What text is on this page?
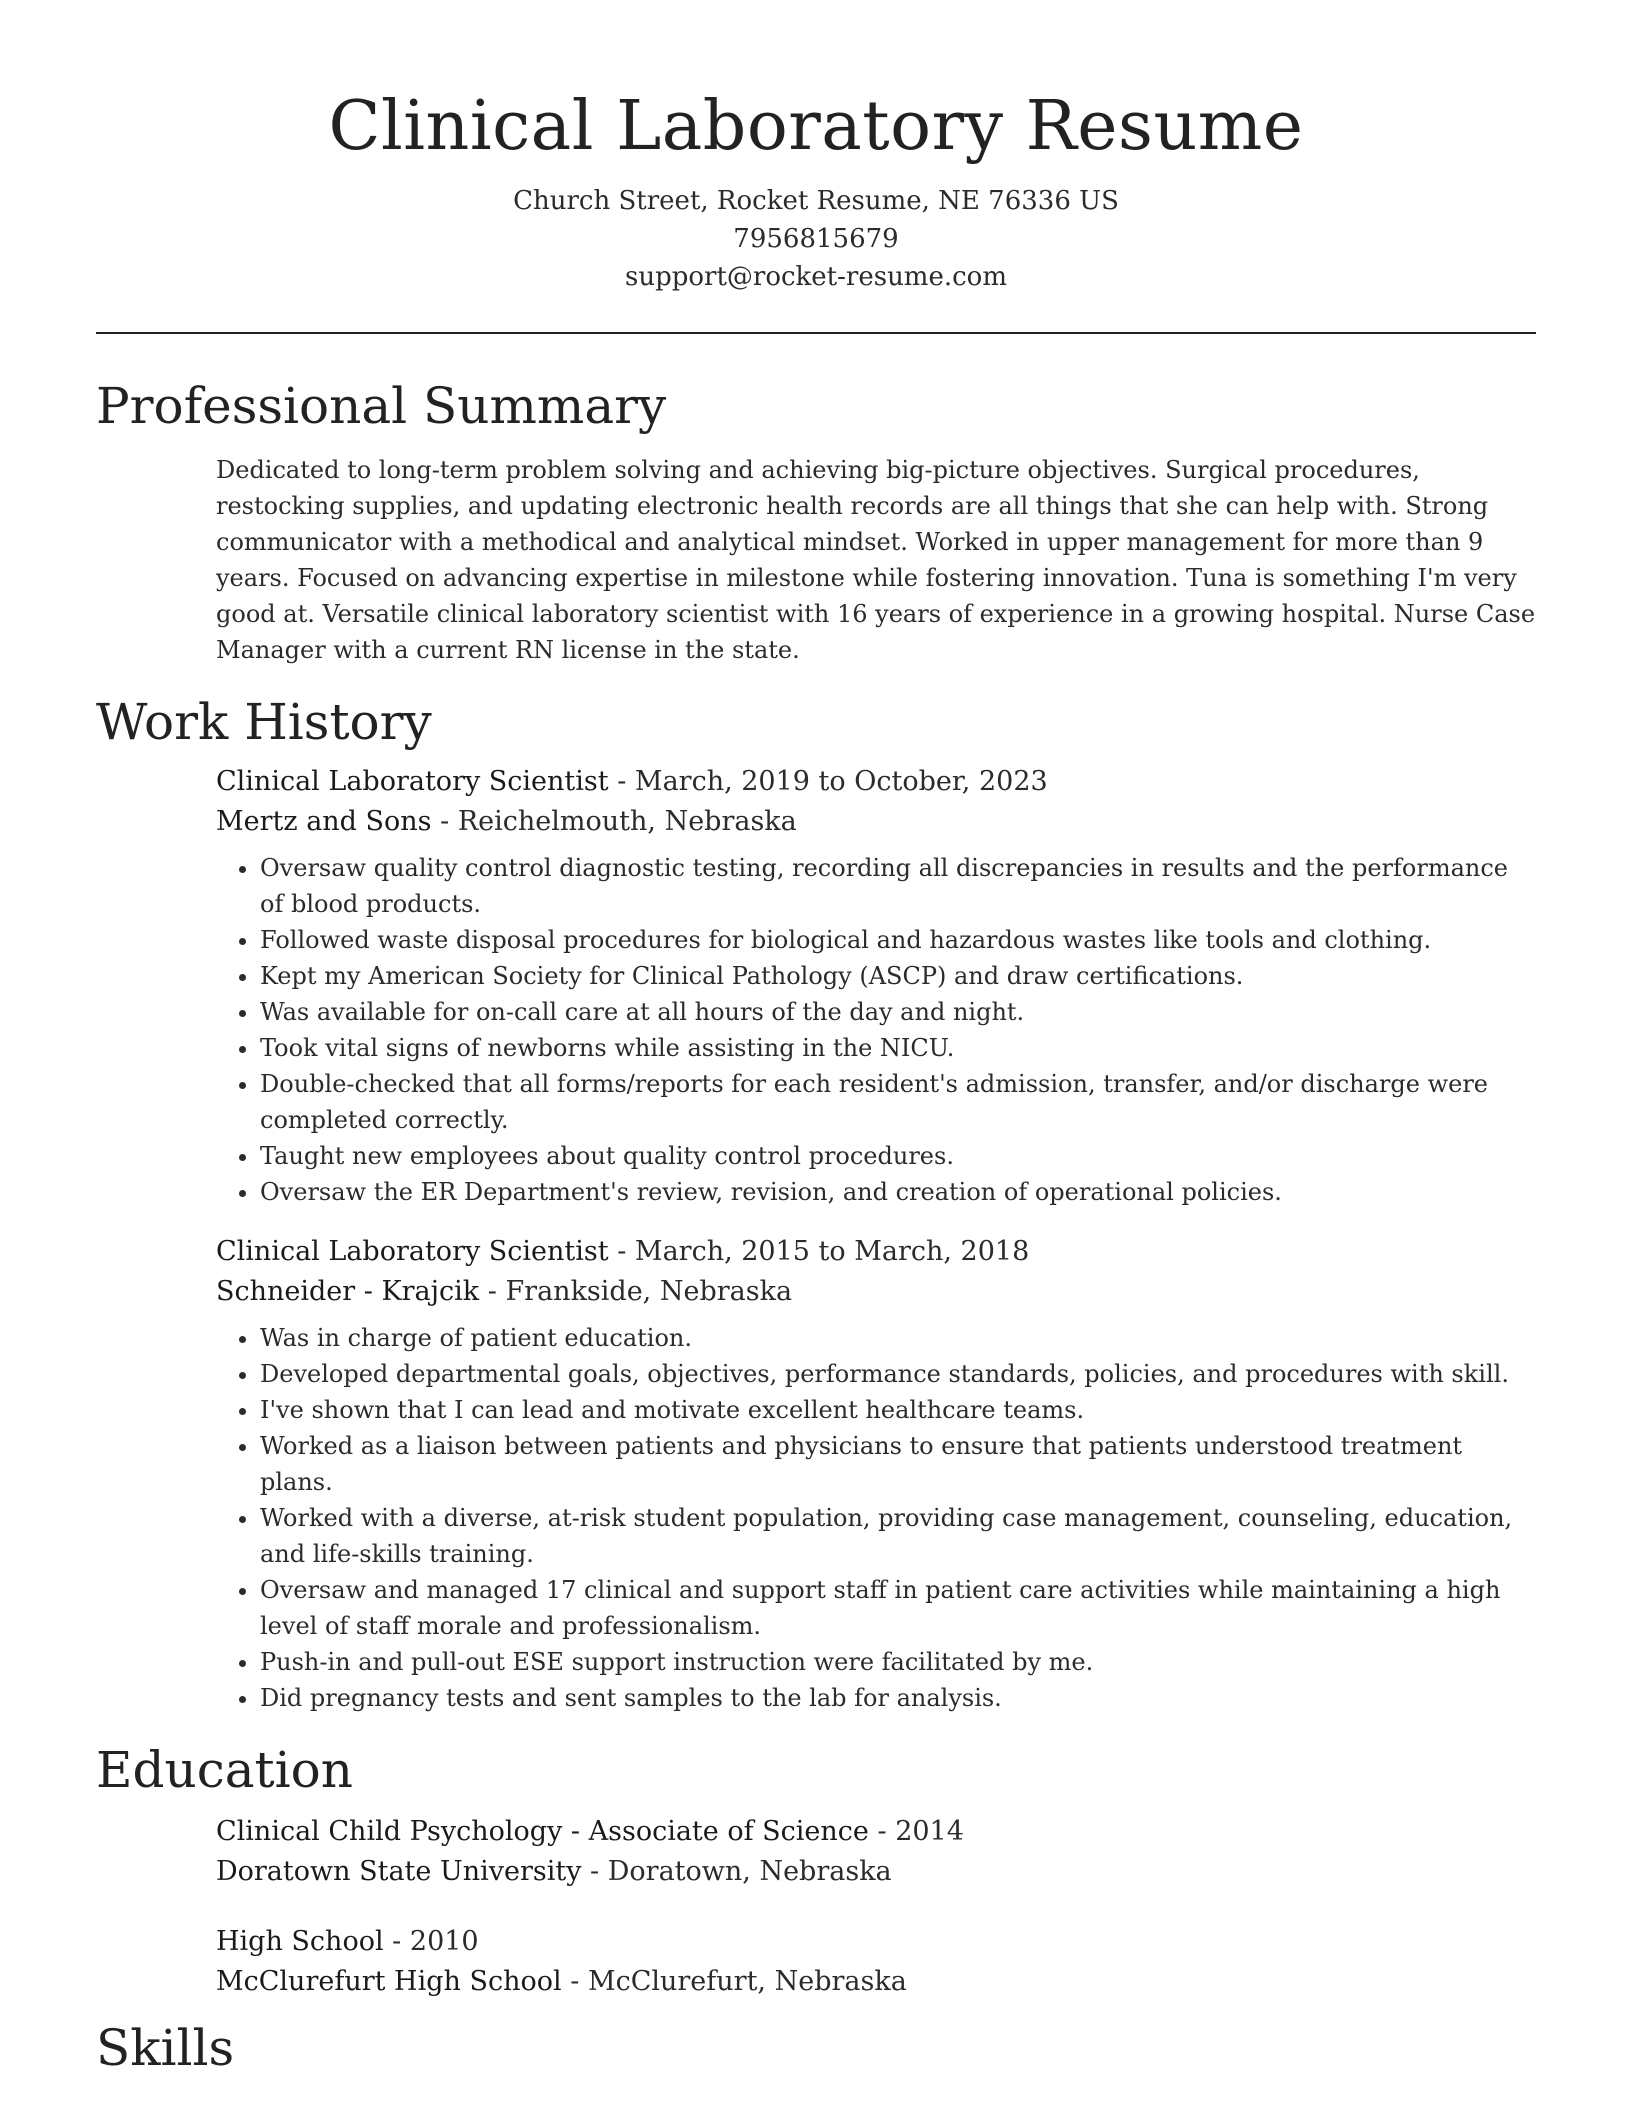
Clinical Laboratory Resume
Church Street, Rocket Resume, NE 76336 US
7956815679
support@rocket-resume.com
Professional Summary

Dedicated to long-term problem solving and achieving big-picture objectives. Surgical procedures, restocking supplies, and updating electronic health records are all things that she can help with. Strong communicator with a methodical and analytical mindset. Worked in upper management for more than 9 years. Focused on advancing expertise in milestone while fostering innovation. Tuna is something I'm very good at. Versatile clinical laboratory scientist with 16 years of experience in a growing hospital. Nurse Case Manager with a current RN license in the state.

Work History
Clinical Laboratory Scientist - March, 2019 to October, 2023
Mertz and Sons - Reichelmouth, Nebraska
• Oversaw quality control diagnostic testing, recording all discrepancies in results and the performance of blood products.
• Followed waste disposal procedures for biological and hazardous wastes like tools and clothing.
• Kept my American Society for Clinical Pathology (ASCP) and draw certifications.
• Was available for on-call care at all hours of the day and night.
• Took vital signs of newborns while assisting in the NICU.
• Double-checked that all forms/reports for each resident's admission, transfer, and/or discharge were completed correctly.
• Taught new employees about quality control procedures.
• Oversaw the ER Department's review, revision, and creation of operational policies.
Clinical Laboratory Scientist - March, 2015 to March, 2018
Schneider - Krajcik - Frankside, Nebraska
• Was in charge of patient education.
• Developed departmental goals, objectives, performance standards, policies, and procedures with skill.
• I've shown that I can lead and motivate excellent healthcare teams.
• Worked as a liaison between patients and physicians to ensure that patients understood treatment plans.
• Worked with a diverse, at-risk student population, providing case management, counseling, education, and life-skills training.
• Oversaw and managed 17 clinical and support staff in patient care activities while maintaining a high level of staff morale and professionalism.
• Push-in and pull-out ESE support instruction were facilitated by me.
• Did pregnancy tests and sent samples to the lab for analysis.
Education
Clinical Child Psychology - Associate of Science - 2014
Doratown State University - Doratown, Nebraska
High School - 2010
McClurefurt High School - McClurefurt, Nebraska
Skills
